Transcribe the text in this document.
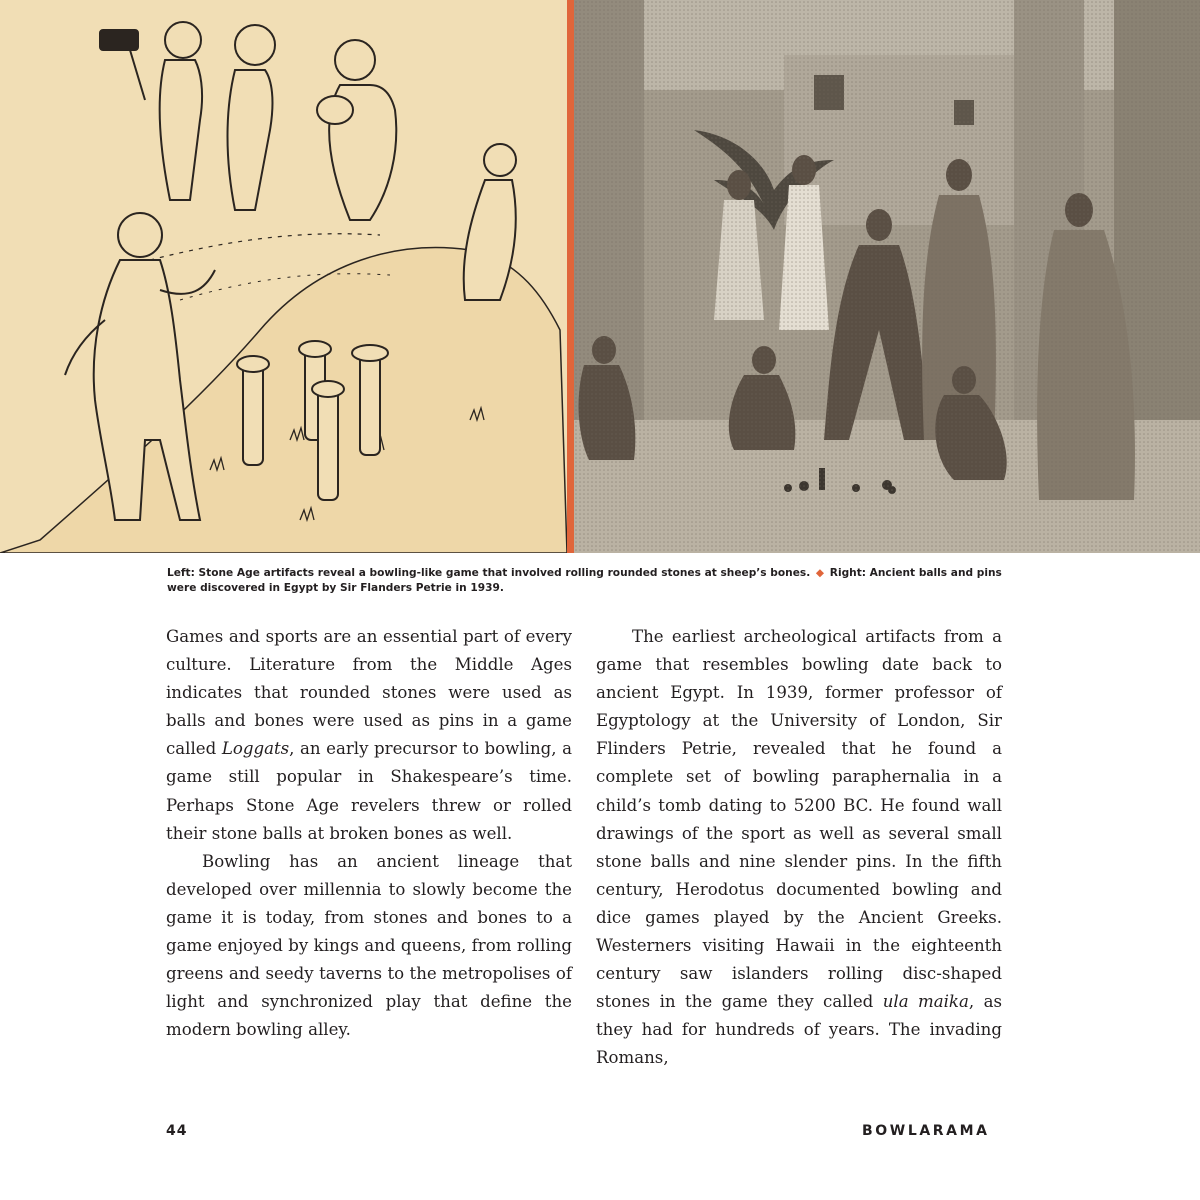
Left: Stone Age artifacts reveal a bowling-like game that involved rolling rounded stones at sheep’s bones. ◆ Right: Ancient balls and pins were discovered in Egypt by Sir Flanders Petrie in 1939.

Games and sports are an essential part of every culture. Literature from the Middle Ages indicates that rounded stones were used as balls and bones were used as pins in a game called Loggats, an early precursor to bowling, a game still popular in Shakespeare’s time. Perhaps Stone Age revelers threw or rolled their stone balls at broken bones as well.

Bowling has an ancient lineage that developed over millennia to slowly become the game it is today, from stones and bones to a game enjoyed by kings and queens, from rolling greens and seedy taverns to the metropolises of light and synchronized play that define the modern bowling alley.

The earliest archeological artifacts from a game that resembles bowling date back to ancient Egypt. In 1939, former professor of Egyptology at the University of London, Sir Flinders Petrie, revealed that he found a complete set of bowling paraphernalia in a child’s tomb dating to 5200 BC. He found wall drawings of the sport as well as several small stone balls and nine slender pins. In the fifth century, Herodotus documented bowling and dice games played by the Ancient Greeks. Westerners visiting Hawaii in the eighteenth century saw islanders rolling disc-shaped stones in the game they called ula maika, as they had for hundreds of years. The invading Romans,

44	BOWLARAMA
